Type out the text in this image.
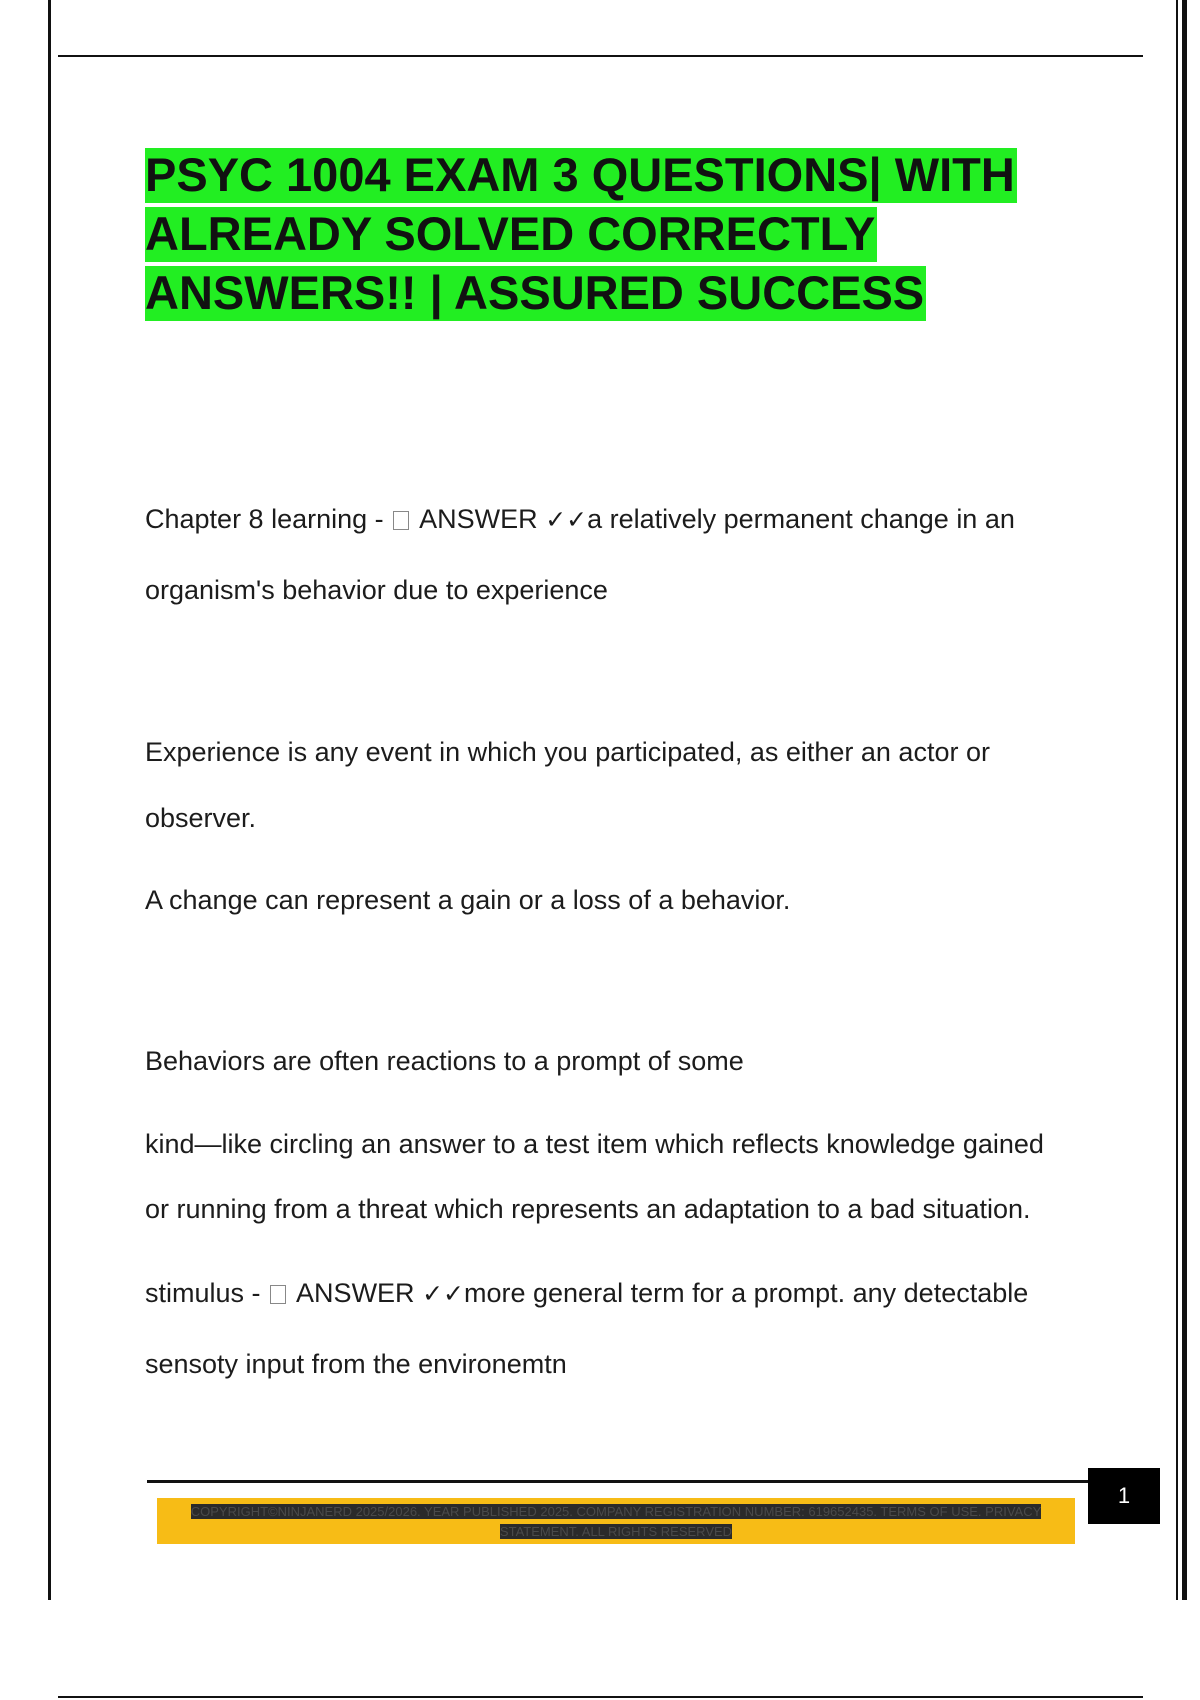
PSYC 1004 EXAM 3 QUESTIONS| WITH
ALREADY SOLVED CORRECTLY
ANSWERS!! | ASSURED SUCCESS
Chapter 8 learning -  ANSWER ✓✓a relatively permanent change in an
organism's behavior due to experience
Experience is any event in which you participated, as either an actor or
observer.
A change can represent a gain or a loss of a behavior.
Behaviors are often reactions to a prompt of some
kind—like circling an answer to a test item which reflects knowledge gained
or running from a threat which represents an adaptation to a bad situation.
stimulus -  ANSWER ✓✓more general term for a prompt. any detectable
sensoty input from the environemtn
1
COPYRIGHT©NINJANERD 2025/2026. YEAR PUBLISHED 2025. COMPANY REGISTRATION NUMBER: 619652435. TERMS OF USE. PRIVACY
STATEMENT. ALL RIGHTS RESERVED
